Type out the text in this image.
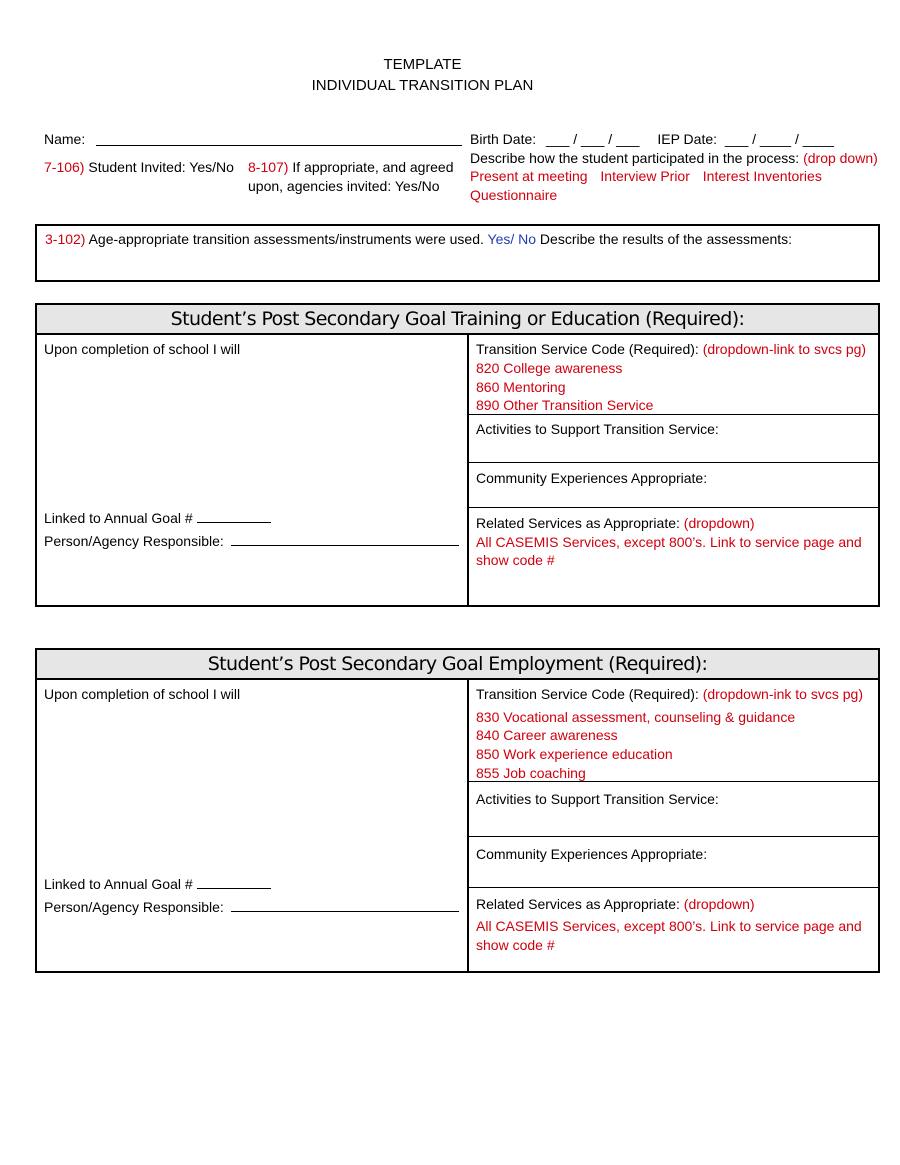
TEMPLATE
INDIVIDUAL TRANSITION PLAN
Name:	Birth Date: ___ / ___ / ___ IEP Date: ___ / ____ / ____
7-106) Student Invited: Yes/No 8-107) If appropriate, and agreed
upon, agencies invited: Yes/No
Describe how the student participated in the process: (drop down)
Present at meeting Interview Prior Interest Inventories
Questionnaire
3-102) Age-appropriate transition assessments/instruments were used. Yes/ No Describe the results of the assessments:
Student’s Post Secondary Goal Training or Education (Required):
Upon completion of school I will
Linked to Annual Goal #
Person/Agency Responsible:
Transition Service Code (Required): (dropdown-link to svcs pg)
820 College awareness
860 Mentoring
890 Other Transition Service
Activities to Support Transition Service:
Community Experiences Appropriate:
Related Services as Appropriate: (dropdown)
All CASEMIS Services, except 800’s. Link to service page and
show code #
Student’s Post Secondary Goal Employment (Required):
Upon completion of school I will
Linked to Annual Goal #
Person/Agency Responsible:
Transition Service Code (Required): (dropdown-ink to svcs pg)
830 Vocational assessment, counseling & guidance
840 Career awareness
850 Work experience education
855 Job coaching
Activities to Support Transition Service:
Community Experiences Appropriate:
Related Services as Appropriate: (dropdown)
All CASEMIS Services, except 800’s. Link to service page and
show code #
